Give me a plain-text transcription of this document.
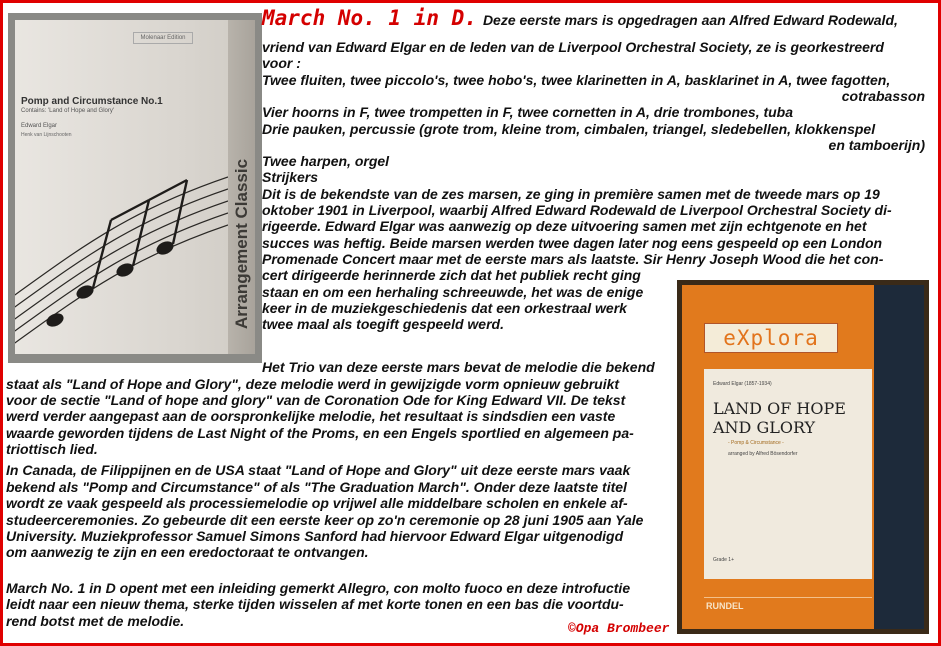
Molenaar Edition
Pomp and Circumstance No.1
Contains: 'Land of Hope and Glory'
Edward Elgar
Henk van Lijnschooten
Arrangement Classic
eXplora
Edward Elgar (1857-1934)
LAND OF HOPE AND GLORY
- Pomp & Circumstance -
arranged by Alfred Bösendorfer
Grade 1+
RUNDEL
March No. 1 in D. Deze eerste mars is opgedragen aan Alfred Edward Rodewald,
vriend van Edward Elgar en de leden van de Liverpool Orchestral Society, ze is georkestreerd
voor :
Twee fluiten, twee piccolo's, twee hobo's, twee klarinetten in A, basklarinet in A, twee fagotten,
cotrabasson
Vier hoorns in F, twee trompetten in F, twee cornetten in A, drie trombones, tuba
Drie pauken, percussie (grote trom, kleine trom, cimbalen, triangel, sledebellen, klokkenspel
en tamboerijn)
Twee harpen, orgel
Strijkers
Dit is de bekendste van de zes marsen, ze ging in première samen met de tweede mars op 19
oktober 1901 in Liverpool, waarbij Alfred Edward Rodewald de Liverpool Orchestral Society di-
rigeerde. Edward Elgar was aanwezig op deze uitvoering samen met zijn echtgenote en het
succes was heftig. Beide marsen werden twee dagen later nog eens gespeeld op een London
Promenade Concert maar met de eerste mars als laatste. Sir Henry Joseph Wood die het con-
cert dirigeerde herinnerde zich dat het publiek recht ging
staan en om een herhaling schreeuwde, het was de enige
keer in de muziekgeschiedenis dat een orkestraal werk
twee maal als toegift gespeeld werd.
Het Trio van deze eerste mars bevat de melodie die bekend
staat als "Land of Hope and Glory", deze melodie werd in gewijzigde vorm opnieuw gebruikt
voor de sectie "Land of hope and glory" van de Coronation Ode for King Edward VII. De tekst
werd verder aangepast aan de oorspronkelijke melodie, het resultaat is sindsdien een vaste
waarde geworden tijdens de Last Night of the Proms, en een Engels sportlied en algemeen pa-
triottisch lied.
In Canada, de Filippijnen en de USA staat "Land of Hope and Glory" uit deze eerste mars vaak
bekend als "Pomp and Circumstance" of als "The Graduation March". Onder deze laatste titel
wordt ze vaak gespeeld als processiemelodie op vrijwel alle middelbare scholen en enkele af-
studeerceremonies. Zo gebeurde dit een eerste keer op zo'n ceremonie op 28 juni 1905 aan Yale
University. Muziekprofessor Samuel Simons Sanford had hiervoor Edward Elgar uitgenodigd
om aanwezig te zijn en een eredoctoraat te ontvangen.
March No. 1 in D opent met een inleiding gemerkt Allegro, con molto fuoco en deze introfuctie
leidt naar een nieuw thema, sterke tijden wisselen af met korte tonen en een bas die voortdu-
rend botst met de melodie.	©Opa Brombeer
